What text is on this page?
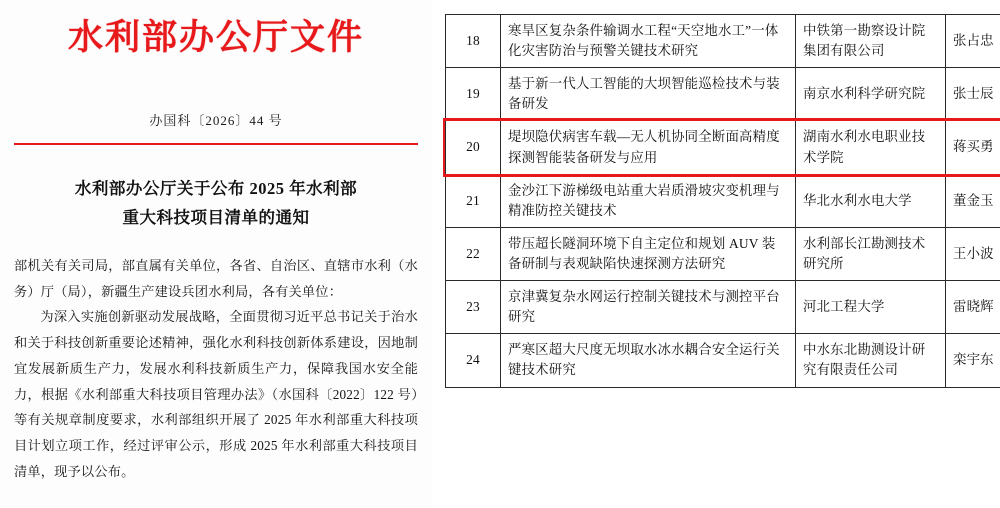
水利部办公厅文件
办国科〔2026〕44 号
水利部办公厅关于公布 2025 年水利部
重大科技项目清单的通知

部机关有关司局，部直属有关单位，各省、自治区、直辖市水利（水务）厅（局），新疆生产建设兵团水利局，各有关单位：

为深入实施创新驱动发展战略，全面贯彻习近平总书记关于治水和关于科技创新重要论述精神，强化水利科技创新体系建设，因地制宜发展新质生产力，发展水利科技新质生产力，保障我国水安全能力，根据《水利部重大科技项目管理办法》（水国科〔2022〕122 号）等有关规章制度要求，水利部组织开展了 2025 年水利部重大科技项目计划立项工作，经过评审公示，形成 2025 年水利部重大科技项目清单，现予以公布。

18	寒旱区复杂条件输调水工程“天空地水工”一体化灾害防治与预警关键技术研究	中铁第一勘察设计院集团有限公司	张占忠
19	基于新一代人工智能的大坝智能巡检技术与装备研发	南京水利科学研究院	张士辰
20	堤坝隐伏病害车载—无人机协同全断面高精度探测智能装备研发与应用	湖南水利水电职业技术学院	蒋买勇
21	金沙江下游梯级电站重大岩质滑坡灾变机理与精准防控关键技术	华北水利水电大学	董金玉
22	带压超长隧洞环境下自主定位和规划 AUV 装备研制与表观缺陷快速探测方法研究	水利部长江勘测技术研究所	王小波
23	京津冀复杂水网运行控制关键技术与测控平台研究	河北工程大学	雷晓辉
24	严寒区超大尺度无坝取水冰水耦合安全运行关键技术研究	中水东北勘测设计研究有限责任公司	栾宇东
